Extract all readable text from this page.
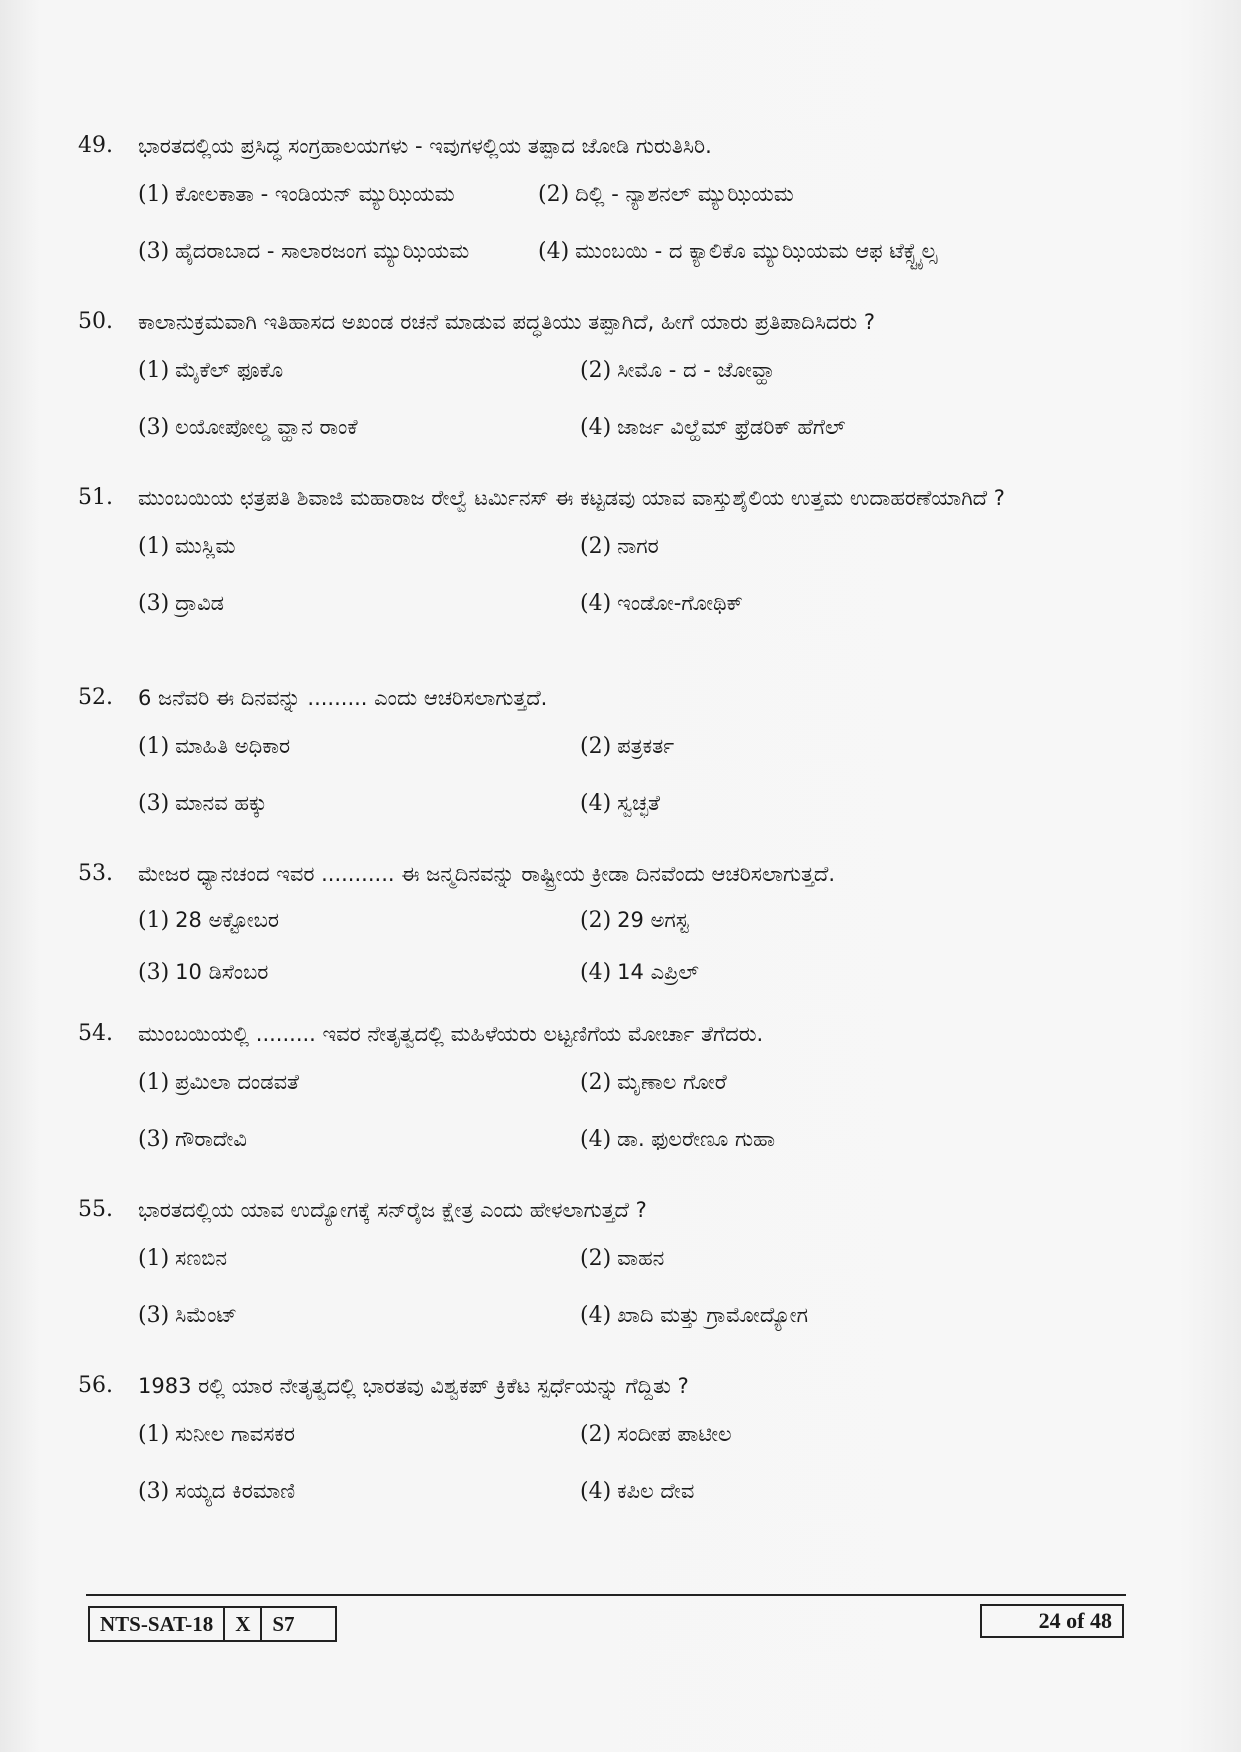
49.	ಭಾರತದಲ್ಲಿಯ ಪ್ರಸಿದ್ಧ ಸಂಗ್ರಹಾಲಯಗಳು - ಇವುಗಳಲ್ಲಿಯ ತಪ್ಪಾದ ಜೋಡಿ ಗುರುತಿಸಿರಿ.
(1) ಕೋಲಕಾತಾ - ಇಂಡಿಯನ್ ಮ್ಯುಝಿಯಮ	(2) ದಿಲ್ಲಿ - ನ್ಯಾಶನಲ್ ಮ್ಯುಝಿಯಮ
(3) ಹೈದರಾಬಾದ - ಸಾಲಾರಜಂಗ ಮ್ಯುಝಿಯಮ	(4) ಮುಂಬಯಿ - ದ ಕ್ಯಾಲಿಕೊ ಮ್ಯುಝಿಯಮ ಆಫ ಟೆಕ್ಸ್ಟೈಲ್ಸ
50.	ಕಾಲಾನುಕ್ರಮವಾಗಿ ಇತಿಹಾಸದ ಅಖಂಡ ರಚನೆ ಮಾಡುವ ಪದ್ಧತಿಯು ತಪ್ಪಾಗಿದೆ, ಹೀಗೆ ಯಾರು ಪ್ರತಿಪಾದಿಸಿದರು ?
(1) ಮೈಕೆಲ್ ಫೂಕೊ	(2) ಸೀಮೊ - ದ - ಜೋವ್ಹಾ
(3) ಲಯೋಪೋಲ್ಡ ವ್ಹಾನ ರಾಂಕೆ	(4) ಜಾರ್ಜ ವಿಲ್ಹೆಮ್ ಫ್ರೆಡರಿಕ್ ಹೆಗೆಲ್
51.	ಮುಂಬಯಿಯ ಛತ್ರಪತಿ ಶಿವಾಜಿ ಮಹಾರಾಜ ರೇಲ್ವೆ ಟರ್ಮಿನಸ್ ಈ ಕಟ್ಟಡವು ಯಾವ ವಾಸ್ತುಶೈಲಿಯ ಉತ್ತಮ ಉದಾಹರಣೆಯಾಗಿದೆ ?
(1) ಮುಸ್ಲಿಮ	(2) ನಾಗರ
(3) ದ್ರಾವಿಡ	(4) ಇಂಡೋ-ಗೋಥಿಕ್
52.	6 ಜನೆವರಿ ಈ ದಿನವನ್ನು ......... ಎಂದು ಆಚರಿಸಲಾಗುತ್ತದೆ.
(1) ಮಾಹಿತಿ ಅಧಿಕಾರ	(2) ಪತ್ರಕರ್ತ
(3) ಮಾನವ ಹಕ್ಕು	(4) ಸ್ವಚ್ಛತೆ
53.	ಮೇಜರ ಧ್ಯಾನಚಂದ ಇವರ ........... ಈ ಜನ್ಮದಿನವನ್ನು ರಾಷ್ಟ್ರೀಯ ಕ್ರೀಡಾ ದಿನವೆಂದು ಆಚರಿಸಲಾಗುತ್ತದೆ.
(1) 28 ಅಕ್ಟೋಬರ	(2) 29 ಅಗಸ್ಟ
(3) 10 ಡಿಸೆಂಬರ	(4) 14 ಎಪ್ರಿಲ್
54.	ಮುಂಬಯಿಯಲ್ಲಿ ......... ಇವರ ನೇತೃತ್ವದಲ್ಲಿ ಮಹಿಳೆಯರು ಲಟ್ಟಣಿಗೆಯ ಮೋರ್ಚಾ ತೆಗೆದರು.
(1) ಪ್ರಮಿಲಾ ದಂಡವತೆ	(2) ಮೃಣಾಲ ಗೋರೆ
(3) ಗೌರಾದೇವಿ	(4) ಡಾ. ಫುಲರೇಣೂ ಗುಹಾ
55.	ಭಾರತದಲ್ಲಿಯ ಯಾವ ಉದ್ಯೋಗಕ್ಕೆ ಸನ್‌ರೈಜ ಕ್ಷೇತ್ರ ಎಂದು ಹೇಳಲಾಗುತ್ತದೆ ?
(1) ಸಣಬಿನ	(2) ವಾಹನ
(3) ಸಿಮೆಂಟ್	(4) ಖಾದಿ ಮತ್ತು ಗ್ರಾಮೋದ್ಯೋಗ
56.	1983 ರಲ್ಲಿ ಯಾರ ನೇತೃತ್ವದಲ್ಲಿ ಭಾರತವು ವಿಶ್ವಕಪ್ ಕ್ರಿಕೆಟ ಸ್ಪರ್ಧೆಯನ್ನು ಗೆದ್ದಿತು ?
(1) ಸುನೀಲ ಗಾವಸಕರ	(2) ಸಂದೀಪ ಪಾಟೀಲ
(3) ಸಯ್ಯದ ಕಿರಮಾಣಿ	(4) ಕಪಿಲ ದೇವ
NTS-SAT-18	X	S7	24 of 48
